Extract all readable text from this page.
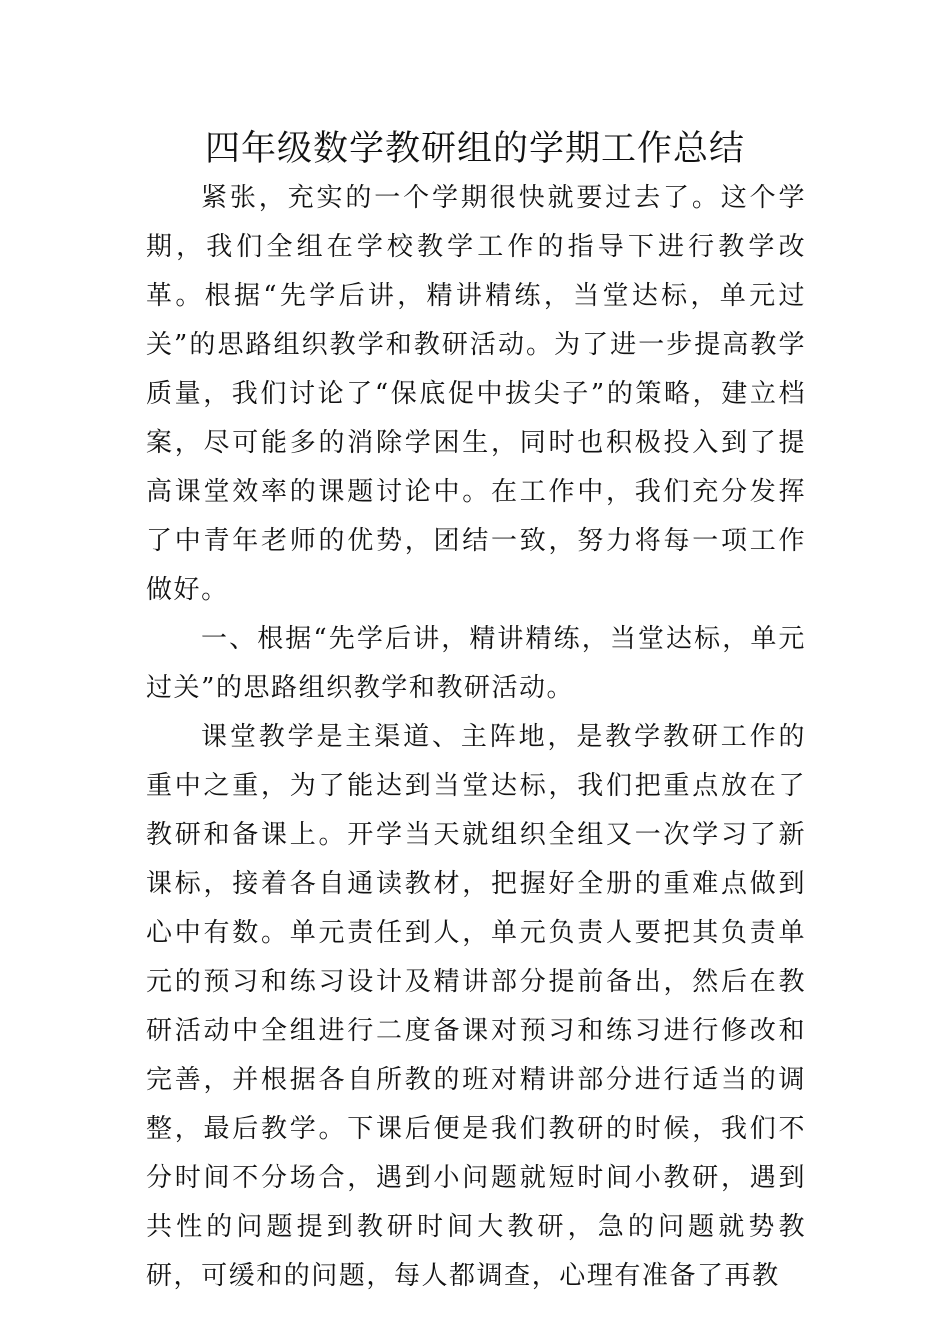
四年级数学教研组的学期工作总结

紧张，充实的一个学期很快就要过去了。这个学期，我们全组在学校教学工作的指导下进行教学改革。根据“先学后讲，精讲精练，当堂达标，单元过关”的思路组织教学和教研活动。为了进一步提高教学质量，我们讨论了“保底促中拔尖子”的策略，建立档案，尽可能多的消除学困生，同时也积极投入到了提高课堂效率的课题讨论中。在工作中，我们充分发挥了中青年老师的优势，团结一致，努力将每一项工作做好。

一、根据“先学后讲，精讲精练，当堂达标，单元过关”的思路组织教学和教研活动。

课堂教学是主渠道、主阵地，是教学教研工作的重中之重，为了能达到当堂达标，我们把重点放在了教研和备课上。开学当天就组织全组又一次学习了新课标，接着各自通读教材，把握好全册的重难点做到心中有数。单元责任到人，单元负责人要把其负责单元的预习和练习设计及精讲部分提前备出，然后在教研活动中全组进行二度备课对预习和练习进行修改和完善，并根据各自所教的班对精讲部分进行适当的调整，最后教学。下课后便是我们教研的时候，我们不分时间不分场合，遇到小问题就短时间小教研，遇到共性的问题提到教研时间大教研，急的问题就势教研，可缓和的问题，每人都调查，心理有准备了再教
